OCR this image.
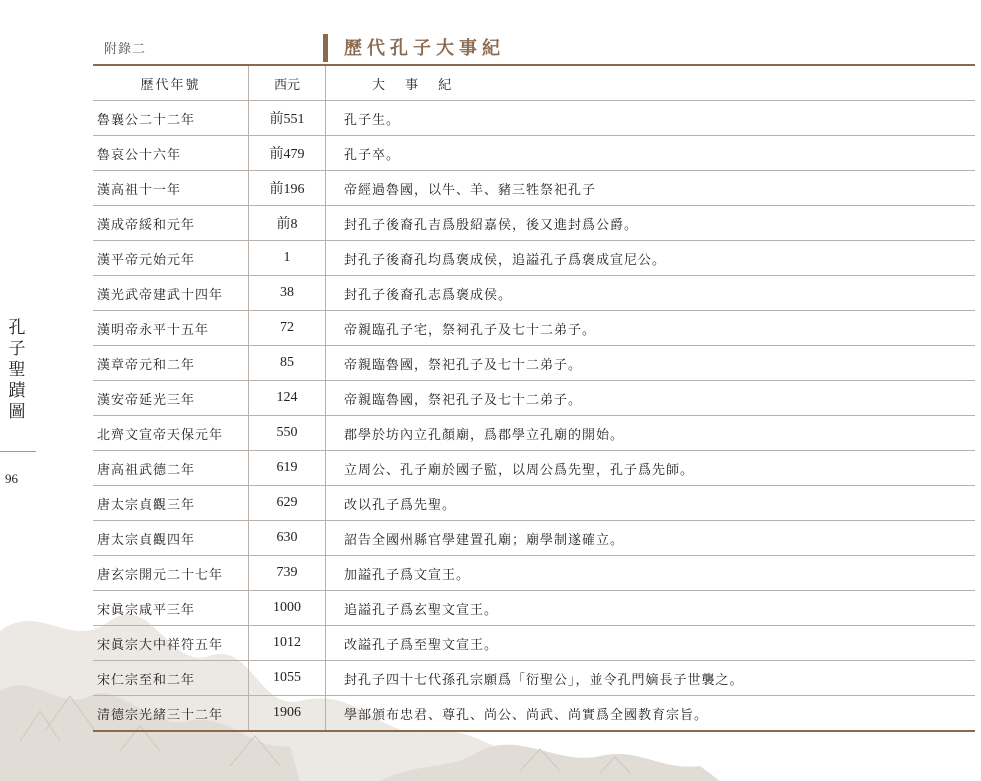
孔
子
聖
蹟
圖
96
附錄二	歷代孔子大事紀
歷代年號	西元	大 事 紀
魯襄公二十二年	前551	孔子生。
魯哀公十六年	前479	孔子卒。
漢高祖十一年	前196	帝經過魯國，以牛、羊、豬三牲祭祀孔子
漢成帝綏和元年	前8	封孔子後裔孔吉爲殷紹嘉侯，後又進封爲公爵。
漢平帝元始元年	1	封孔子後裔孔均爲褒成侯，追謚孔子爲褒成宣尼公。
漢光武帝建武十四年	38	封孔子後裔孔志爲褒成侯。
漢明帝永平十五年	72	帝親臨孔子宅，祭祠孔子及七十二弟子。
漢章帝元和二年	85	帝親臨魯國，祭祀孔子及七十二弟子。
漢安帝延光三年	124	帝親臨魯國，祭祀孔子及七十二弟子。
北齊文宣帝天保元年	550	郡學於坊內立孔顏廟，爲郡學立孔廟的開始。
唐高祖武德二年	619	立周公、孔子廟於國子監，以周公爲先聖，孔子爲先師。
唐太宗貞觀三年	629	改以孔子爲先聖。
唐太宗貞觀四年	630	詔告全國州縣官學建置孔廟；廟學制遂確立。
唐玄宗開元二十七年	739	加謚孔子爲文宣王。
宋眞宗咸平三年	1000	追謚孔子爲玄聖文宣王。
宋眞宗大中祥符五年	1012	改謚孔子爲至聖文宣王。
宋仁宗至和二年	1055	封孔子四十七代孫孔宗願爲「衍聖公」，並令孔門嫡長子世襲之。
清德宗光緒三十二年	1906	學部頒布忠君、尊孔、尚公、尚武、尚實爲全國教育宗旨。
